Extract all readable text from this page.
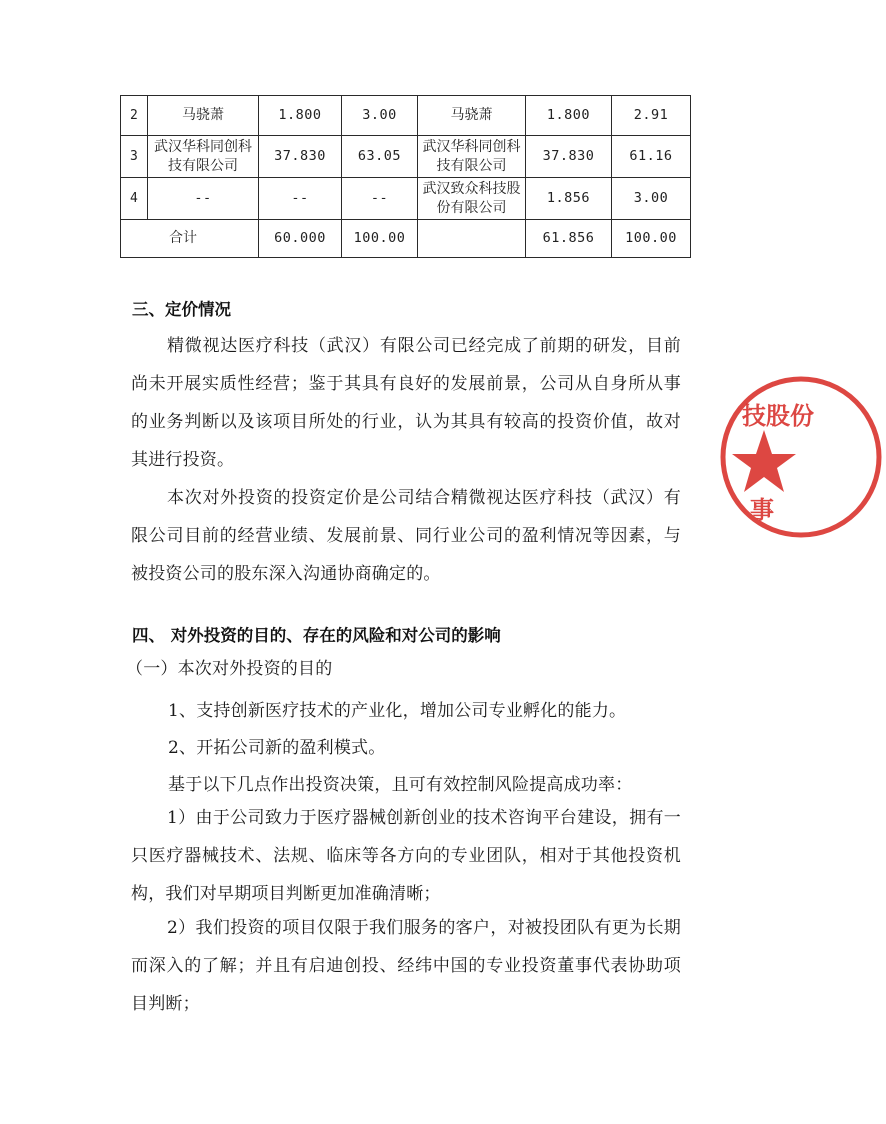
2	马骁萧	1.800	3.00	马骁萧	1.800	2.91
3	武汉华科同创科技有限公司	37.830	63.05	武汉华科同创科技有限公司	37.830	61.16
4	--	--	--	武汉致众科技股份有限公司	1.856	3.00
合计		60.000	100.00		61.856	100.00
三、定价情况
精微视达医疗科技（武汉）有限公司已经完成了前期的研发，目前尚未开展实质性经营；鉴于其具有良好的发展前景，公司从自身所从事的业务判断以及该项目所处的行业，认为其具有较高的投资价值，故对其进行投资。
本次对外投资的投资定价是公司结合精微视达医疗科技（武汉）有限公司目前的经营业绩、发展前景、同行业公司的盈利情况等因素，与被投资公司的股东深入沟通协商确定的。
四、 对外投资的目的、存在的风险和对公司的影响
（一）本次对外投资的目的
1、支持创新医疗技术的产业化，增加公司专业孵化的能力。
2、开拓公司新的盈利模式。
基于以下几点作出投资决策，且可有效控制风险提高成功率：
1）由于公司致力于医疗器械创新创业的技术咨询平台建设，拥有一只医疗器械技术、法规、临床等各方向的专业团队，相对于其他投资机构，我们对早期项目判断更加准确清晰；
2）我们投资的项目仅限于我们服务的客户，对被投团队有更为长期而深入的了解；并且有启迪创投、经纬中国的专业投资董事代表协助项目判断；
技股份
事
